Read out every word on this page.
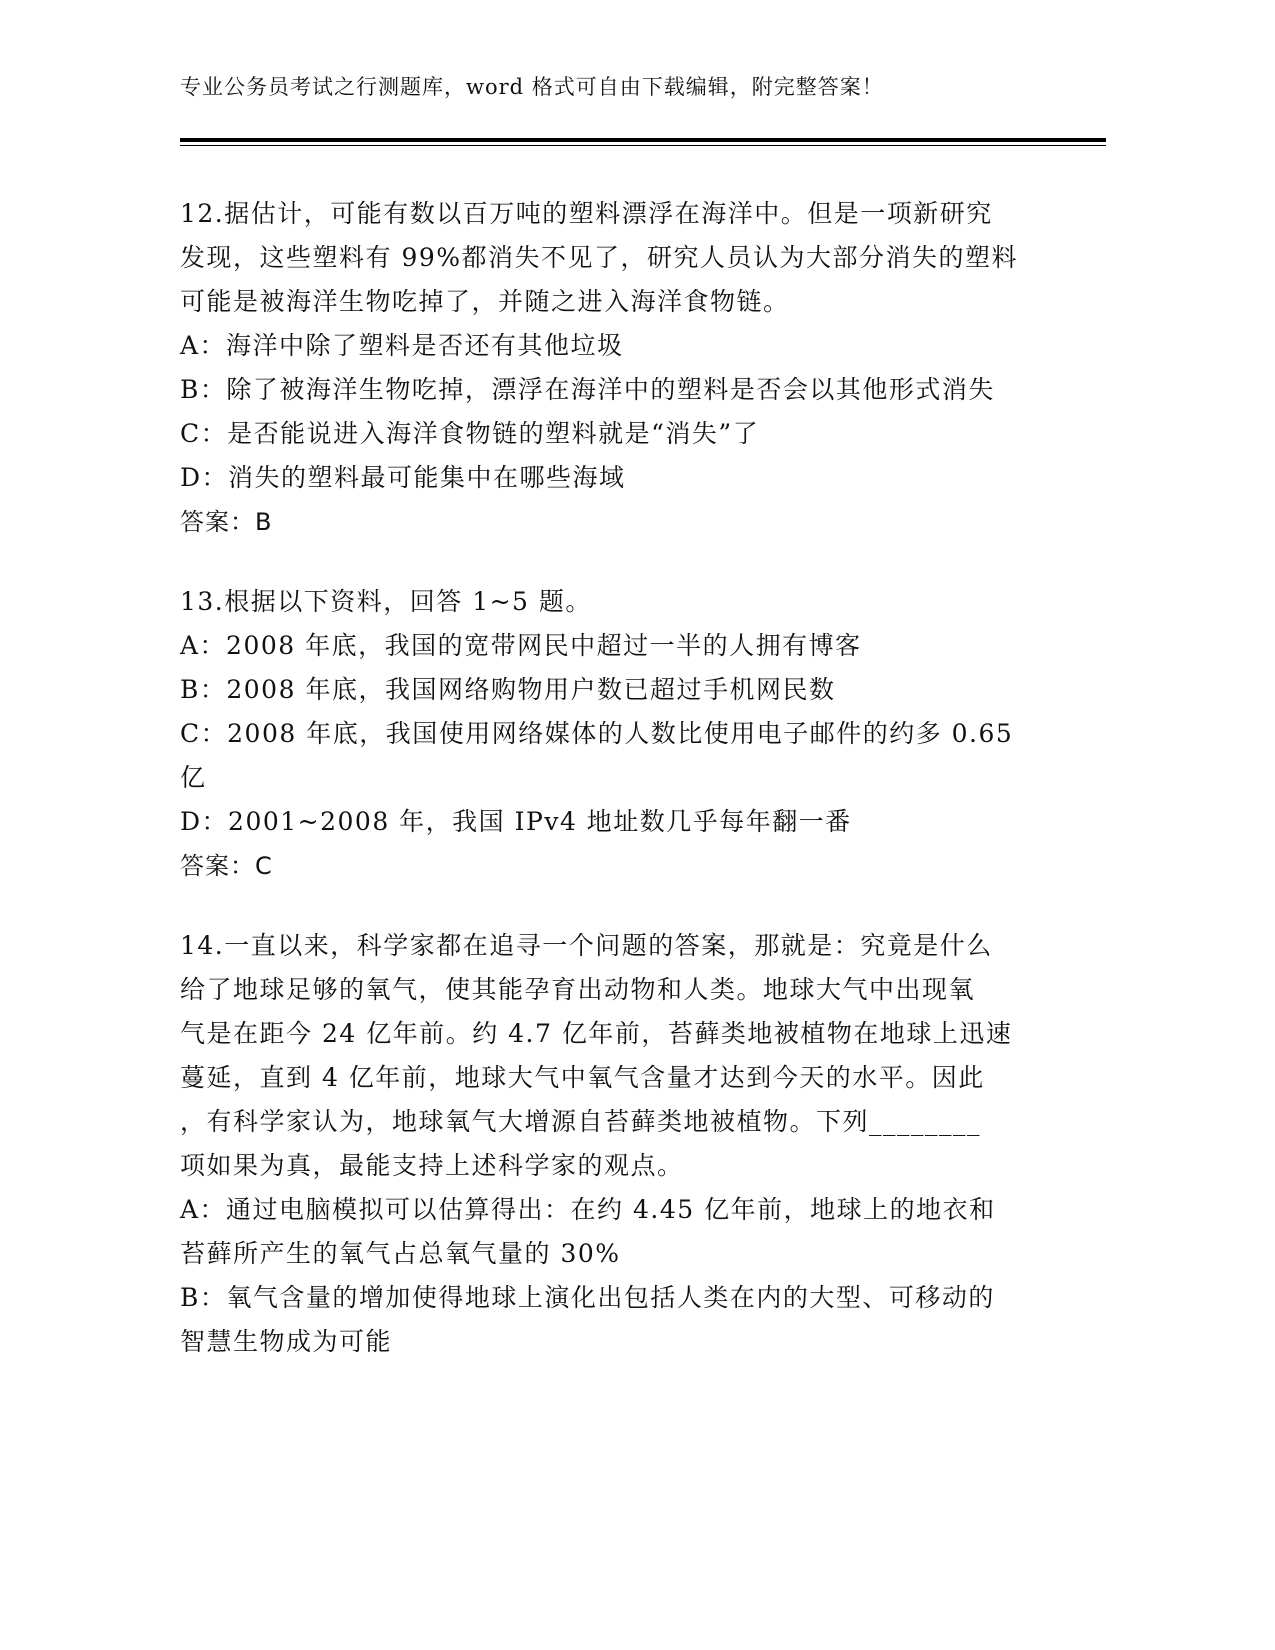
专业公务员考试之行测题库，word 格式可自由下载编辑，附完整答案！
12.据估计，可能有数以百万吨的塑料漂浮在海洋中。但是一项新研究
发现，这些塑料有 99%都消失不见了，研究人员认为大部分消失的塑料
可能是被海洋生物吃掉了，并随之进入海洋食物链。
A：海洋中除了塑料是否还有其他垃圾
B：除了被海洋生物吃掉，漂浮在海洋中的塑料是否会以其他形式消失
C：是否能说进入海洋食物链的塑料就是“消失”了
D：消失的塑料最可能集中在哪些海域
答案：B
13.根据以下资料，回答 1~5 题。
A：2008 年底，我国的宽带网民中超过一半的人拥有博客
B：2008 年底，我国网络购物用户数已超过手机网民数
C：2008 年底，我国使用网络媒体的人数比使用电子邮件的约多 0.65
亿
D：2001~2008 年，我国 IPv4 地址数几乎每年翻一番
答案：C
14.一直以来，科学家都在追寻一个问题的答案，那就是：究竟是什么
给了地球足够的氧气，使其能孕育出动物和人类。地球大气中出现氧
气是在距今 24 亿年前。约 4.7 亿年前，苔藓类地被植物在地球上迅速
蔓延，直到 4 亿年前，地球大气中氧气含量才达到今天的水平。因此
，有科学家认为，地球氧气大增源自苔藓类地被植物。下列________
项如果为真，最能支持上述科学家的观点。
A：通过电脑模拟可以估算得出：在约 4.45 亿年前，地球上的地衣和
苔藓所产生的氧气占总氧气量的 30%
B：氧气含量的增加使得地球上演化出包括人类在内的大型、可移动的
智慧生物成为可能
